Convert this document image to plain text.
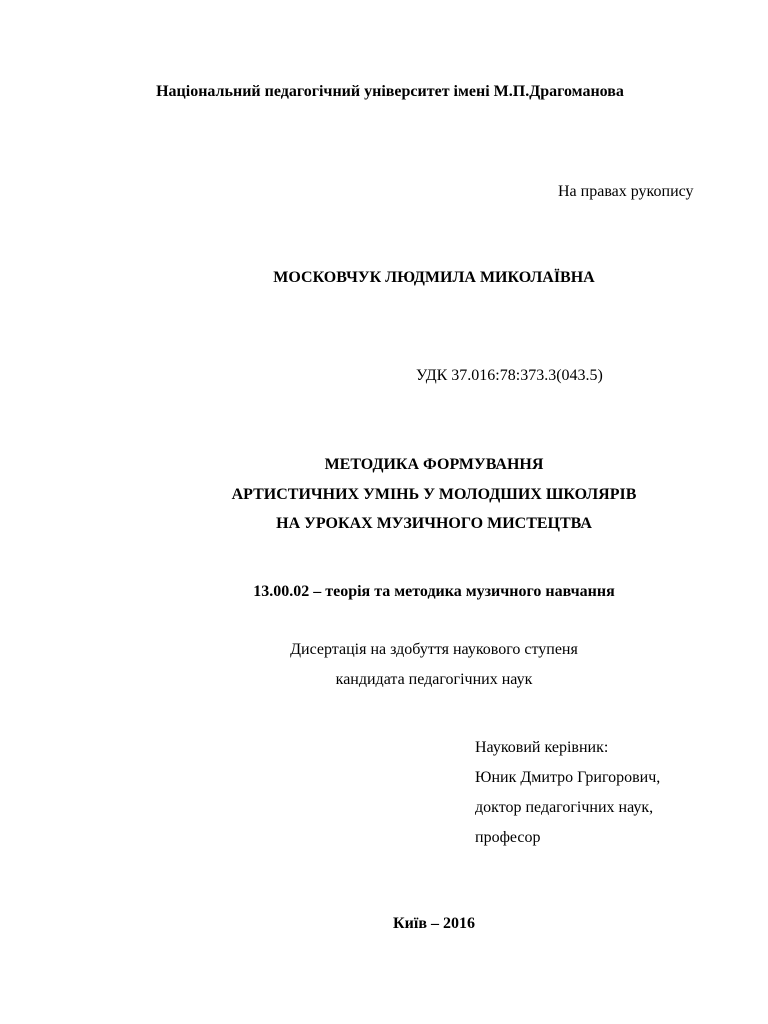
Національний педагогічний університет імені М.П.Драгоманова
На правах рукопису
МОСКОВЧУК ЛЮДМИЛА МИКОЛАЇВНА
УДК 37.016:78:373.3(043.5)
МЕТОДИКА ФОРМУВАННЯ
АРТИСТИЧНИХ УМІНЬ У МОЛОДШИХ ШКОЛЯРІВ
НА УРОКАХ МУЗИЧНОГО МИСТЕЦТВА
13.00.02 – теорія та методика музичного навчання
Дисертація на здобуття наукового ступеня
кандидата педагогічних наук
Науковий керівник:
Юник Дмитро Григорович,
доктор педагогічних наук,
професор
Київ – 2016
